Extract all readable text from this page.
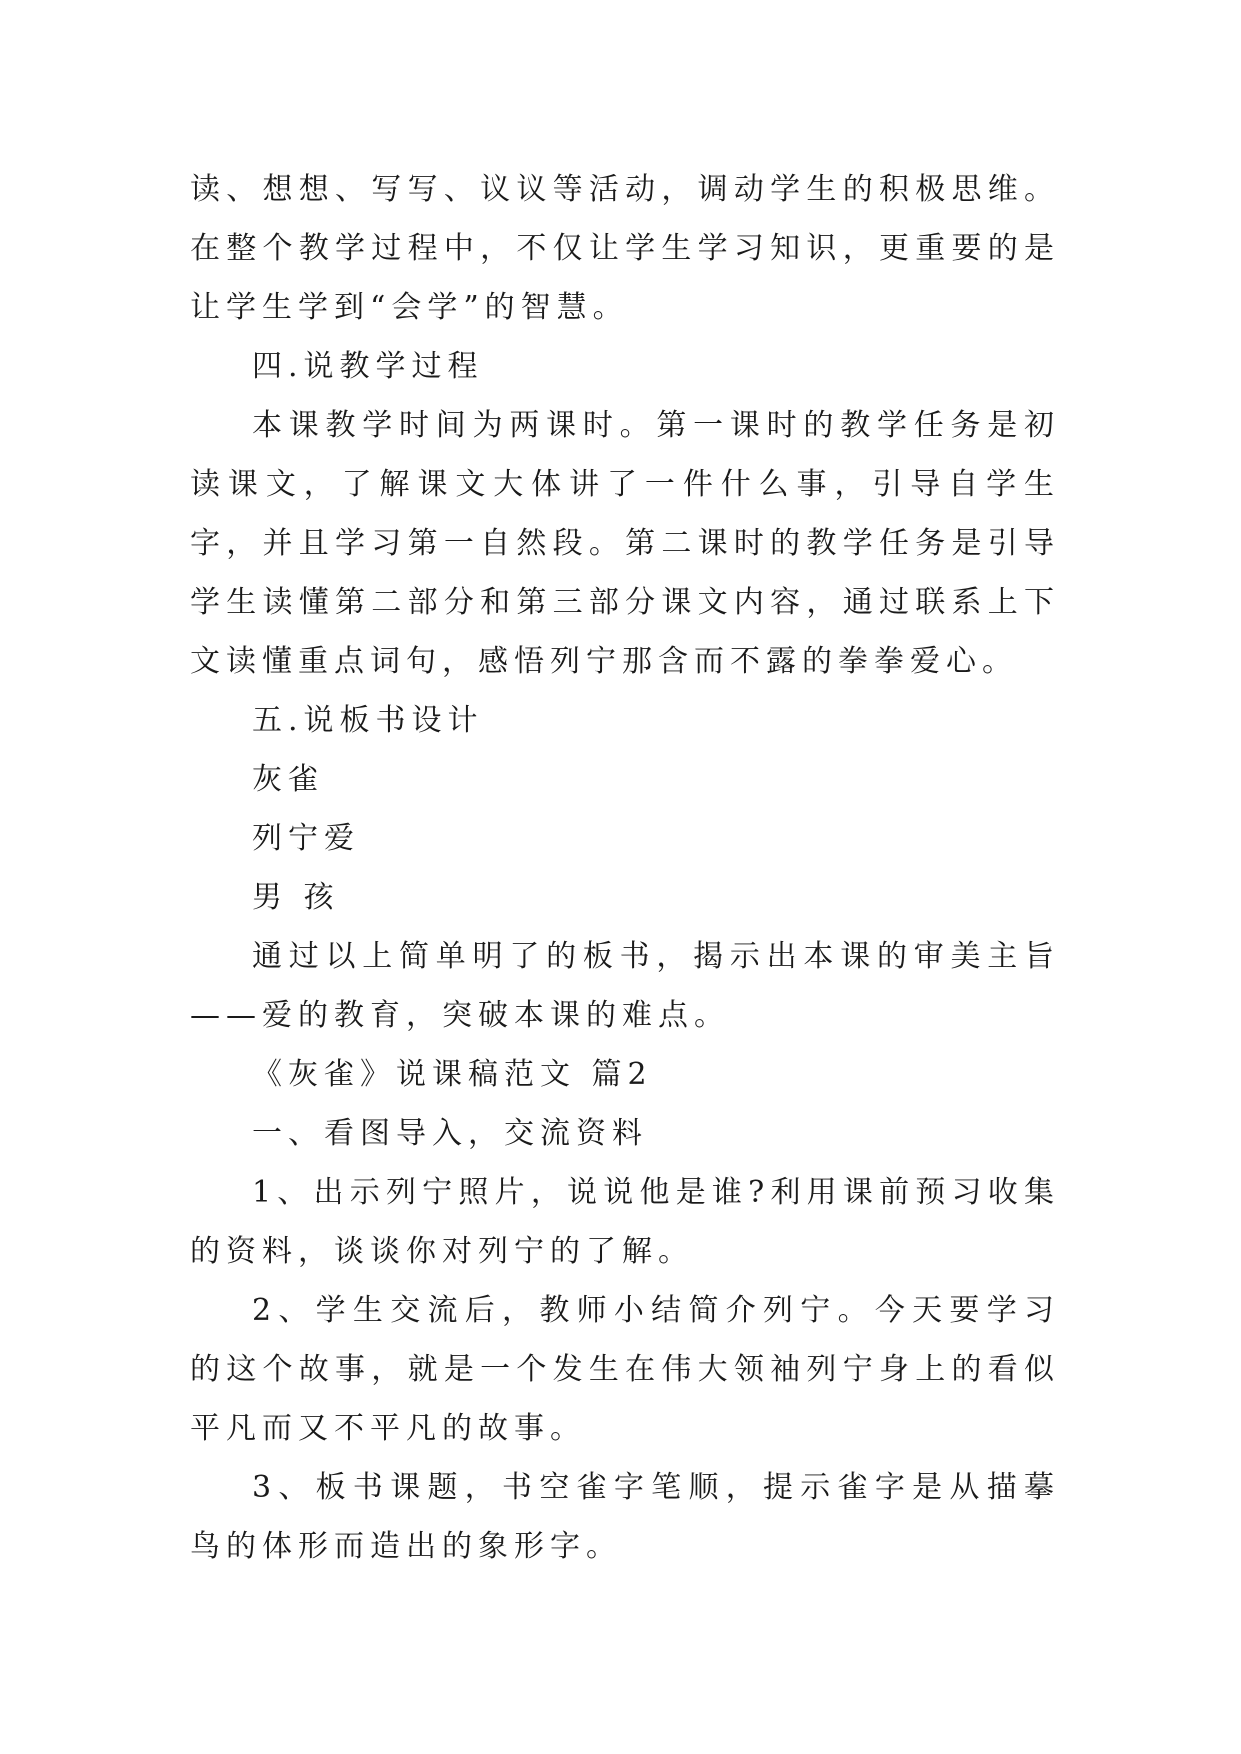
读、想想、写写、议议等活动，调动学生的积极思维。在整个教学过程中，不仅让学生学习知识，更重要的是让学生学到“会学”的智慧。

四.说教学过程

本课教学时间为两课时。第一课时的教学任务是初读课文，了解课文大体讲了一件什么事，引导自学生字，并且学习第一自然段。第二课时的教学任务是引导学生读懂第二部分和第三部分课文内容，通过联系上下文读懂重点词句，感悟列宁那含而不露的拳拳爱心。

五.说板书设计

灰雀

列宁爱

男 孩

通过以上简单明了的板书，揭示出本课的审美主旨——爱的教育，突破本课的难点。

《灰雀》说课稿范文 篇2

一、看图导入，交流资料

1、出示列宁照片，说说他是谁?利用课前预习收集的资料，谈谈你对列宁的了解。

2、学生交流后，教师小结简介列宁。今天要学习的这个故事，就是一个发生在伟大领袖列宁身上的看似平凡而又不平凡的故事。

3、板书课题，书空雀字笔顺，提示雀字是从描摹鸟的体形而造出的象形字。
